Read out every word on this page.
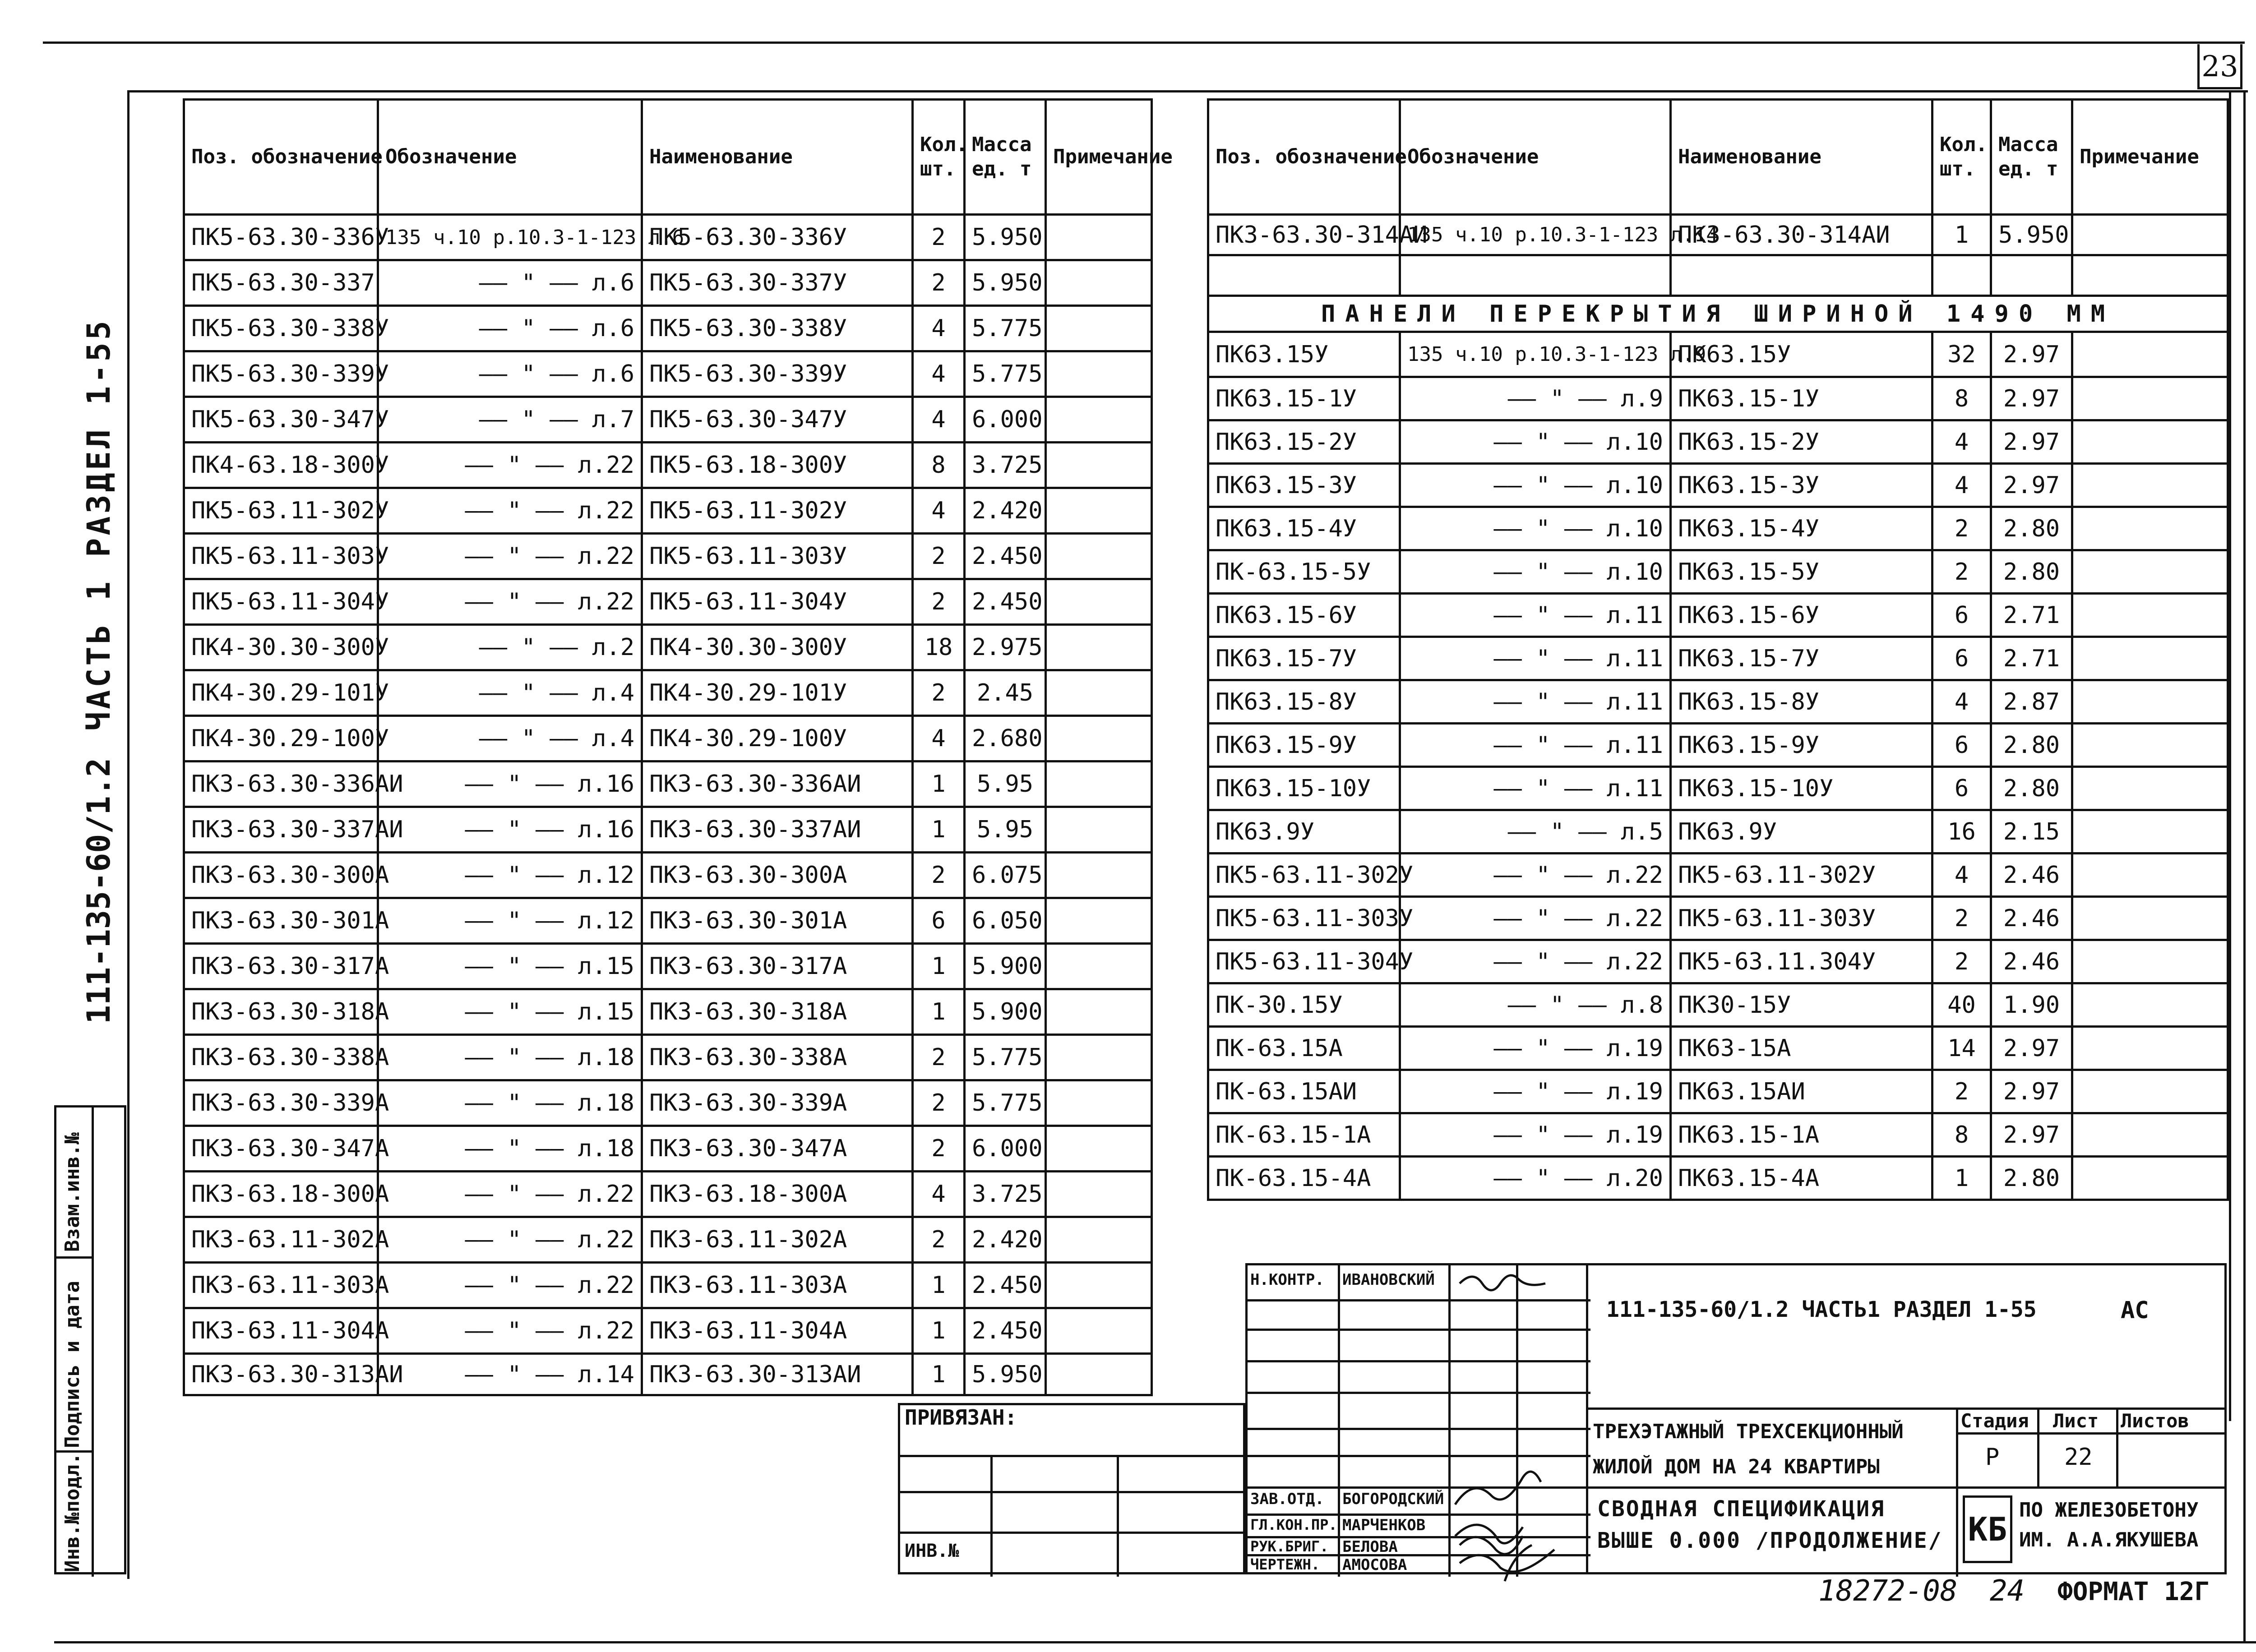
23
111-135-60/1.2
ЧАСТЬ 1 РАЗДЕЛ 1-55
Инв.№подл.
Подпись и дата
Взам.инв.№
Поз. обозначение	Обозначение	Наименование	Кол. шт.	Масса ед. т	Примечание
ПК5-63.30-336У	135 ч.10 р.10.3-1-123 л.6	ПК5-63.30-336У	2	5.950	
ПК5-63.30-337	—— " —— л.6	ПК5-63.30-337У	2	5.950	
ПК5-63.30-338У	—— " —— л.6	ПК5-63.30-338У	4	5.775	
ПК5-63.30-339У	—— " —— л.6	ПК5-63.30-339У	4	5.775	
ПК5-63.30-347У	—— " —— л.7	ПК5-63.30-347У	4	6.000	
ПК4-63.18-300У	—— " —— л.22	ПК5-63.18-300У	8	3.725	
ПК5-63.11-302У	—— " —— л.22	ПК5-63.11-302У	4	2.420	
ПК5-63.11-303У	—— " —— л.22	ПК5-63.11-303У	2	2.450	
ПК5-63.11-304У	—— " —— л.22	ПК5-63.11-304У	2	2.450	
ПК4-30.30-300У	—— " —— л.2	ПК4-30.30-300У	18	2.975	
ПК4-30.29-101У	—— " —— л.4	ПК4-30.29-101У	2	2.45	
ПК4-30.29-100У	—— " —— л.4	ПК4-30.29-100У	4	2.680	
ПК3-63.30-336АИ	—— " —— л.16	ПК3-63.30-336АИ	1	5.95	
ПК3-63.30-337АИ	—— " —— л.16	ПК3-63.30-337АИ	1	5.95	
ПК3-63.30-300А	—— " —— л.12	ПК3-63.30-300А	2	6.075	
ПК3-63.30-301А	—— " —— л.12	ПК3-63.30-301А	6	6.050	
ПК3-63.30-317А	—— " —— л.15	ПК3-63.30-317А	1	5.900	
ПК3-63.30-318А	—— " —— л.15	ПК3-63.30-318А	1	5.900	
ПК3-63.30-338А	—— " —— л.18	ПК3-63.30-338А	2	5.775	
ПК3-63.30-339А	—— " —— л.18	ПК3-63.30-339А	2	5.775	
ПК3-63.30-347А	—— " —— л.18	ПК3-63.30-347А	2	6.000	
ПК3-63.18-300А	—— " —— л.22	ПК3-63.18-300А	4	3.725	
ПК3-63.11-302А	—— " —— л.22	ПК3-63.11-302А	2	2.420	
ПК3-63.11-303А	—— " —— л.22	ПК3-63.11-303А	1	2.450	
ПК3-63.11-304А	—— " —— л.22	ПК3-63.11-304А	1	2.450	
ПК3-63.30-313АИ	—— " —— л.14	ПК3-63.30-313АИ	1	5.950	
Поз. обозначение	Обозначение	Наименование	Кол. шт.	Масса ед. т	Примечание
ПК3-63.30-314АИ	135 ч.10 р.10.3-1-123 л.14	ПК3-63.30-314АИ	1	5.950	

ПАНЕЛИ ПЕРЕКРЫТИЯ ШИРИНОЙ 1490 ММ					
ПК63.15У	135 ч.10 р.10.3-1-123 л.9	ПК63.15У	32	2.97	
ПК63.15-1У	—— " —— л.9	ПК63.15-1У	8	2.97	
ПК63.15-2У	—— " —— л.10	ПК63.15-2У	4	2.97	
ПК63.15-3У	—— " —— л.10	ПК63.15-3У	4	2.97	
ПК63.15-4У	—— " —— л.10	ПК63.15-4У	2	2.80	
ПК-63.15-5У	—— " —— л.10	ПК63.15-5У	2	2.80	
ПК63.15-6У	—— " —— л.11	ПК63.15-6У	6	2.71	
ПК63.15-7У	—— " —— л.11	ПК63.15-7У	6	2.71	
ПК63.15-8У	—— " —— л.11	ПК63.15-8У	4	2.87	
ПК63.15-9У	—— " —— л.11	ПК63.15-9У	6	2.80	
ПК63.15-10У	—— " —— л.11	ПК63.15-10У	6	2.80	
ПК63.9У	—— " —— л.5	ПК63.9У	16	2.15	
ПК5-63.11-302У	—— " —— л.22	ПК5-63.11-302У	4	2.46	
ПК5-63.11-303У	—— " —— л.22	ПК5-63.11-303У	2	2.46	
ПК5-63.11-304У	—— " —— л.22	ПК5-63.11.304У	2	2.46	
ПК-30.15У	—— " —— л.8	ПК30-15У	40	1.90	
ПК-63.15А	—— " —— л.19	ПК63-15А	14	2.97	
ПК-63.15АИ	—— " —— л.19	ПК63.15АИ	2	2.97	
ПК-63.15-1А	—— " —— л.19	ПК63.15-1А	8	2.97	
ПК-63.15-4А	—— " —— л.20	ПК63.15-4А	1	2.80	
ПРИВЯЗАН:
ИНВ.№
Н.КОНТР. ИВАНОВСКИЙ
ЗАВ.ОТД. БОГОРОДСКИЙ
ГЛ.КОН.ПР. МАРЧЕНКОВ
РУК.БРИГ. БЕЛОВА
ЧЕРТЕЖН. АМОСОВА
111-135-60/1.2 ЧАСТЬ1 РАЗДЕЛ 1-55	АС
ТРЕХЭТАЖНЫЙ ТРЕХСЕКЦИОННЫЙ ЖИЛОЙ ДОМ НА 24 КВАРТИРЫ
Стадия Лист Листов
Р	22
СВОДНАЯ СПЕЦИФИКАЦИЯ ВЫШЕ 0.000 /ПРОДОЛЖЕНИЕ/ КБ
ПО ЖЕЛЕЗОБЕТОНУ ИМ. А.А.ЯКУШЕВА
18272-08 24 ФОРМАТ 12Г
